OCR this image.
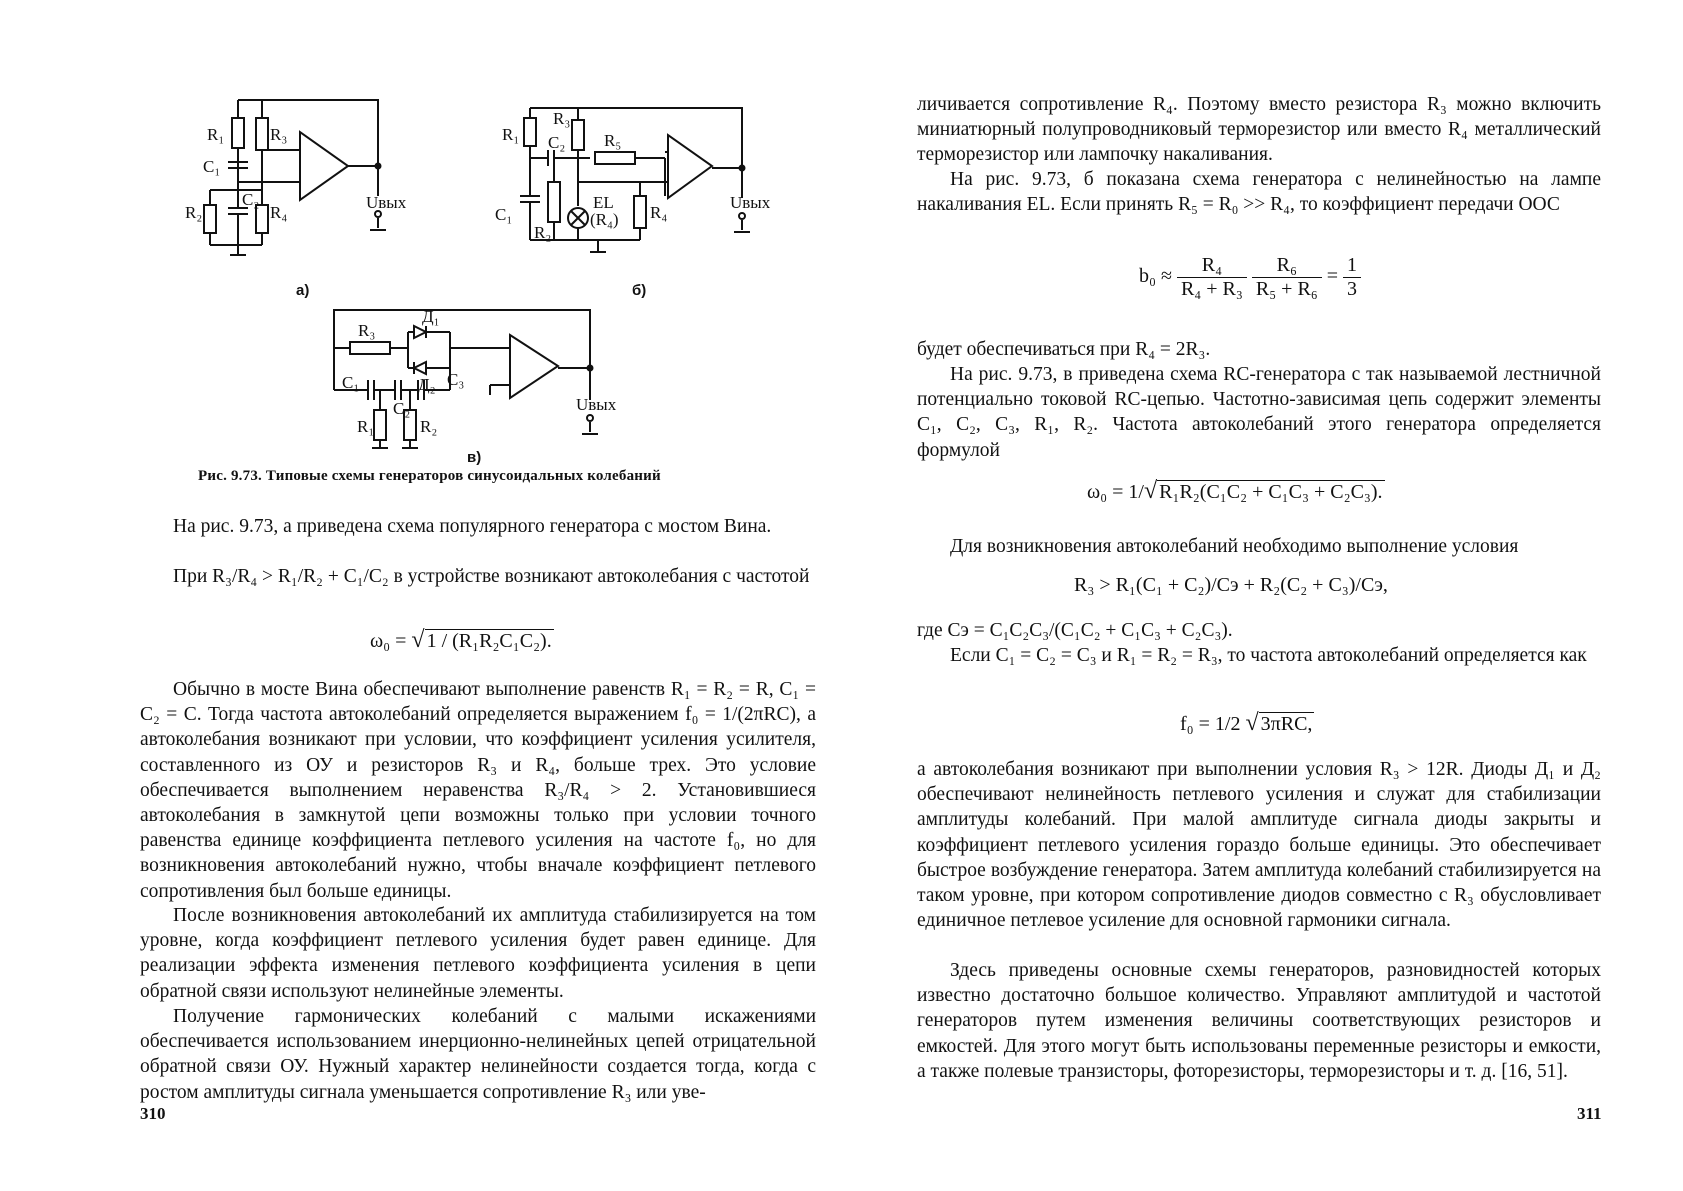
R₁	R₃
C₁
C₂
R₂	R₄
Uвых
а)
R₁
R₃
C₂ R₅
C₁
R₂
EL
(R₄) R₄
Uвых
б)
R₃
Д₁
Д₂
C₁
C₂
C₃
R₁	R₂
Uвых
в)
Рис. 9.73. Типовые схемы генераторов синусоидальных колебаний

На рис. 9.73, а приведена схема популярного генератора с мостом Вина.

При R₃/R₄ > R₁/R₂ + C₁/C₂ в устройстве возникают автоколебания с частотой

ω₀ = √ 1 / (R₁R₂C₁C₂).

Обычно в мосте Вина обеспечивают выполнение равенств R₁ = R₂ = R, C₁ = C₂ = C. Тогда частота автоколебаний определяется выражением f₀ = 1/(2πRC), а автоколебания возникают при условии, что коэффициент усиления усилителя, составленного из ОУ и резисторов R₃ и R₄, больше трех. Это условие обеспечивается выполнением неравенства R₃/R₄ > 2. Установившиеся автоколебания в замкнутой цепи возможны только при условии точного равенства единице коэффициента петлевого усиления на частоте f₀, но для возникновения автоколебаний нужно, чтобы вначале коэффициент петлевого сопротивления был больше единицы.

После возникновения автоколебаний их амплитуда стабилизируется на том уровне, когда коэффициент петлевого усиления будет равен единице. Для реализации эффекта изменения петлевого коэффициента усиления в цепи обратной связи используют нелинейные элементы.

Получение гармонических колебаний с малыми искажениями обеспечивается использованием инерционно-нелинейных цепей отрицательной обратной связи ОУ. Нужный характер нелинейности создается тогда, когда с ростом амплитуды сигнала уменьшается сопротивление R₃ или уве-

310

личивается сопротивление R₄. Поэтому вместо резистора R₃ можно включить миниатюрный полупроводниковый терморезистор или вместо R₄ металлический терморезистор или лампочку накаливания.

На рис. 9.73, б показана схема генератора с нелинейностью на лампе накаливания EL. Если принять R₅ = R₀ >> R₄, то коэффициент передачи ООС

$b_0 \approx \frac{\text{R₄}}{\text{R₄ + R₃}}$
$\frac{\text{R₆}}{\text{R₅ + R₆}} = \frac{1}{3}$

будет обеспечиваться при R₄ = 2R₃.

На рис. 9.73, в приведена схема RC-генератора с так называемой лестничной потенциально токовой RC-цепью. Частотно-зависимая цепь содержит элементы C₁, C₂, C₃, R₁, R₂. Частота автоколебаний этого генератора определяется формулой

ω₀ = 1/√ R₁R₂(C₁C₂ + C₁C₃ + C₂C₃).

Для возникновения автоколебаний необходимо выполнение условия

R₃ > R₁(C₁ + C₂)/Cэ + R₂(C₂ + C₃)/Cэ,

где Cэ = C₁C₂C₃/(C₁C₂ + C₁C₃ + C₂C₃).

Если C₁ = C₂ = C₃ и R₁ = R₂ = R₃, то частота автоколебаний определяется как

f₀ = 1/2 √ 3πRC,

а автоколебания возникают при выполнении условия R₃ > 12R. Диоды Д₁ и Д₂ обеспечивают нелинейность петлевого усиления и служат для стабилизации амплитуды колебаний. При малой амплитуде сигнала диоды закрыты и коэффициент петлевого усиления гораздо больше единицы. Это обеспечивает быстрое возбуждение генератора. Затем амплитуда колебаний стабилизируется на таком уровне, при котором сопротивление диодов совместно с R₃ обусловливает единичное петлевое усиление для основной гармоники сигнала.

Здесь приведены основные схемы генераторов, разновидностей которых известно достаточно большое количество. Управляют амплитудой и частотой генераторов путем изменения величины соответствующих резисторов и емкостей. Для этого могут быть использованы переменные резисторы и емкости, а также полевые транзисторы, фоторезисторы, терморезисторы и т. д. [16, 51].

311
